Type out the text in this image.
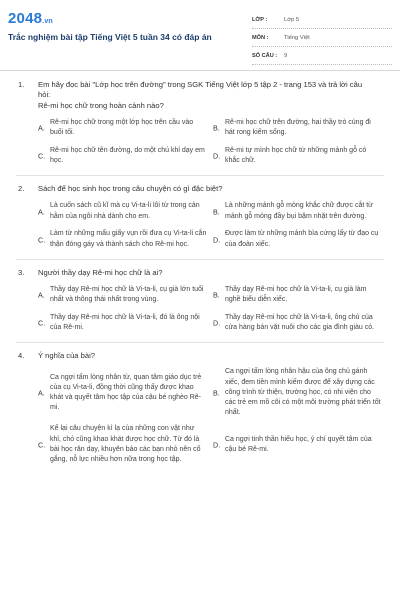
2048.vn
Trắc nghiệm bài tập Tiếng Việt 5 tuần 34 có đáp án
LỚP :	Lớp 5
MÔN :	Tiếng Việt
SỐ CÂU : 9
1. Em hãy đọc bài "Lớp học trên đường" trong SGK Tiếng Việt lớp 5 tập 2 - trang 153 và trả lời câu
hỏi:
Rê-mi học chữ trong hoàn cảnh nào?
A.
Rê-mi học chữ trong một lớp học trên cầu vào buổi tối.	B.
Rê-mi học chữ trên đường, hai thầy trò cùng đi hát rong kiếm sống.
C.
Rê-mi học chữ tên đường, do một chú khỉ dạy em học.	D.
Rê-mi tự mình học chữ từ những mảnh gỗ có khắc chữ.
2. Sách để học sinh học trong câu chuyện có gì đặc biệt?
A.
Là cuốn sách cũ kĩ mà cụ Vi-ta-li lôi từ trong cản hằm của ngôi nhà dành cho em.	B.
Là những mảnh gỗ mỏng khắc chữ được cắt từ mảnh gỗ mỏng đầy bụi bặm nhặt trên đường.
C.
Làm từ những mẩu giấy vụn rồi đưa cụ Vi-ta-li cắn thận đóng gáy và thành sách cho Rê-mi học.	D.
Được làm từ những mảnh bìa cứng lấy từ đạo cụ của đoàn xiếc.
3. Người thầy dạy Rê-mi học chữ là ai?
A.
Thầy dạy Rê-mi học chữ là Vi-ta-li, cụ già lớn tuổi nhất và thông thái nhất trong vùng.	B.
Thầy dạy Rê-mi học chữ là Vi-ta-li, cụ già làm nghề biểu diễn xiếc.
C.
Thầy dạy Rê-mi học chữ là Vi-ta-li, đó là ông nội của Rê-mi.	D.
Thầy dạy Rê-mi học chữ là Vi-ta-li, ông chủ của cửa hàng bán vặt nuôi cho các gia đình giàu có.
4. Ý nghĩa của bài?
A.
Ca ngợi tấm lòng nhân từ, quan tâm giáo dục trẻ của cụ Vi-ta-li, đồng thời cũng thấy được khao khát và quyết tâm học tập của cậu bé nghèo Rê-mi.
B.
Ca ngợi tấm lòng nhân hậu của ông chủ gánh xiếc, đem tiền mình kiếm được để xây dựng các công trình từ thiện, trường học, có nhi viện cho các trẻ em mồ côi có một môi trường phát triển tốt nhất.
C.
Kể lại câu chuyện kì lạ của những con vật như khỉ, chó cũng khao khát được học chữ. Từ đó là bài học răn dạy, khuyên bảo các bạn nhỏ nên cố gắng, nỗ lực nhiều hơn nữa trong học tập.
D.
Ca ngợi tinh thần hiếu học, ý chí quyết tâm của cậu bé Rê-mi.
